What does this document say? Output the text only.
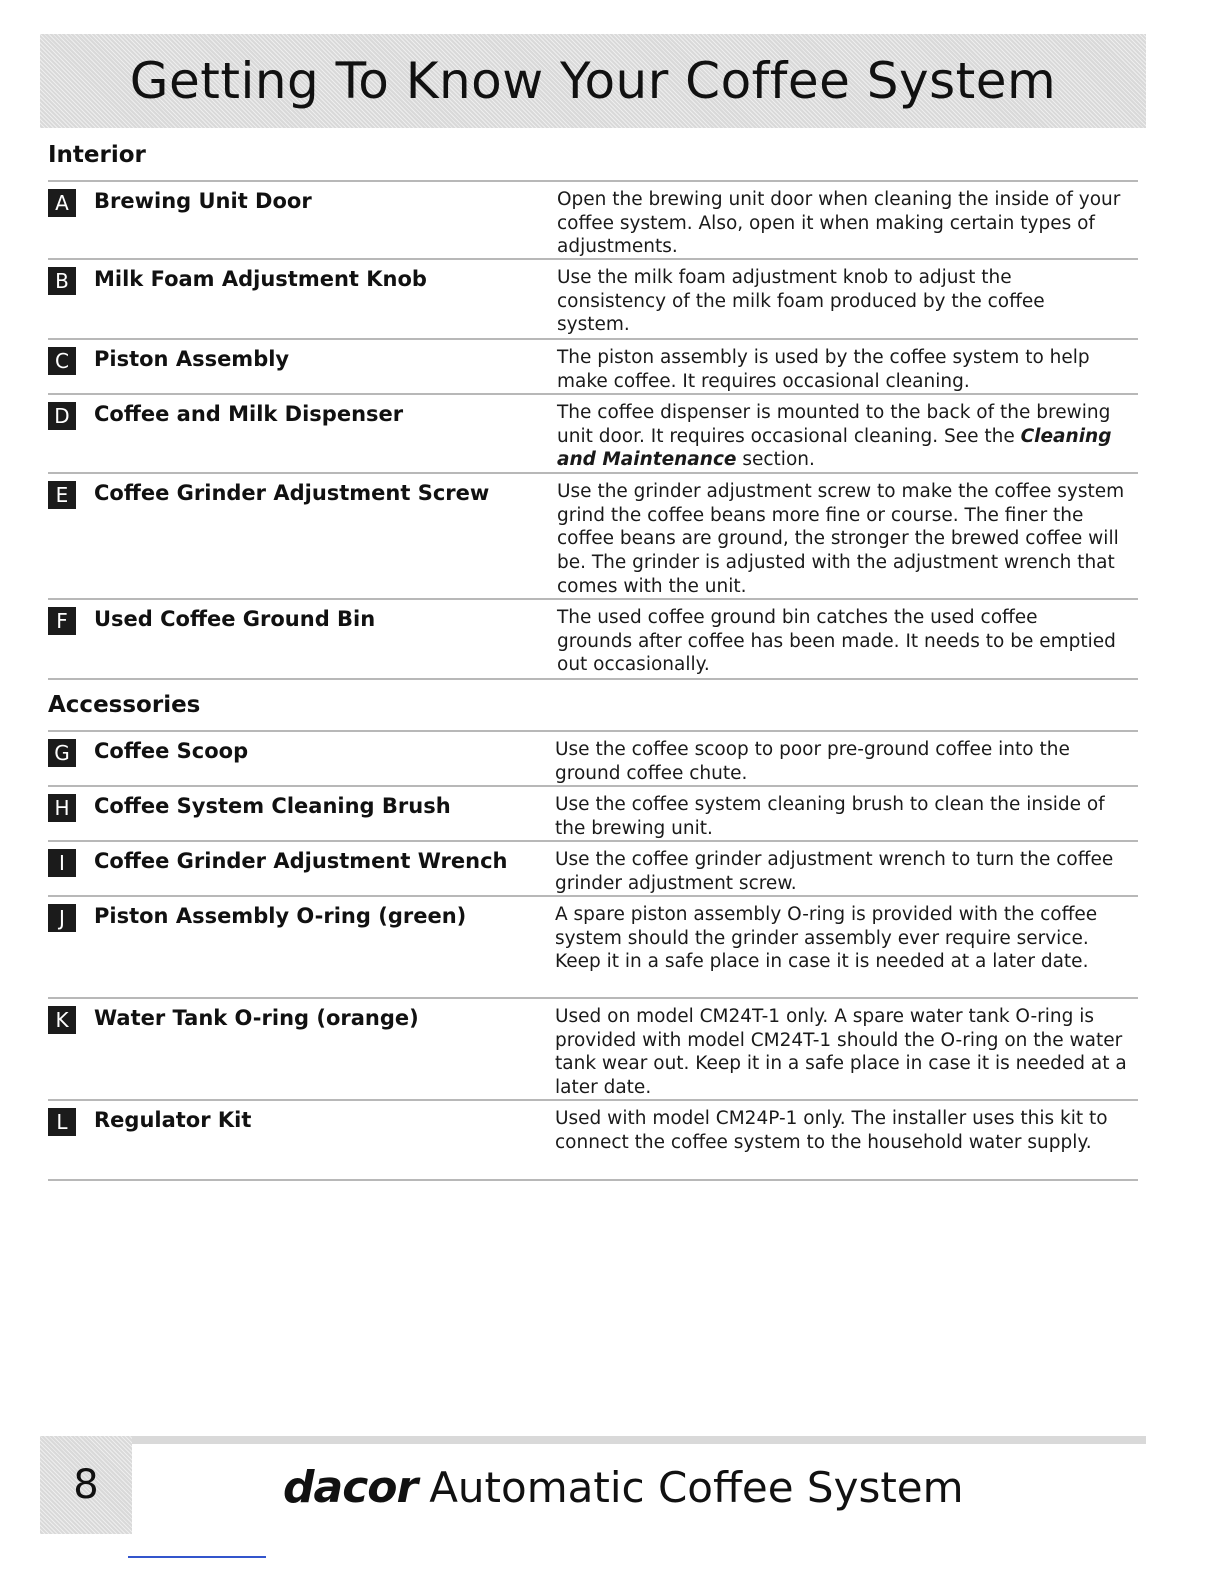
Getting To Know Your Coffee System
Interior
A	Brewing Unit Door	Open the brewing unit door when cleaning the inside of your coffee system. Also, open it when making certain types of adjustments.
B	Milk Foam Adjustment Knob	Use the milk foam adjustment knob to adjust the consistency of the milk foam produced by the coffee system.
C	Piston Assembly	The piston assembly is used by the coffee system to help make coffee. It requires occasional cleaning.
D Coffee and Milk Dispenser	The coffee dispenser is mounted to the back of the brewing unit door. It requires occasional cleaning. See the Cleaning and Maintenance section.
E	Coffee Grinder Adjustment Screw	Use the grinder adjustment screw to make the coffee system grind the coffee beans more fine or course. The finer the coffee beans are ground, the stronger the brewed coffee will be. The grinder is adjusted with the adjustment wrench that comes with the unit.
F	Used Coffee Ground Bin	The used coffee ground bin catches the used coffee grounds after coffee has been made. It needs to be emptied out occasionally.
Accessories
G Coffee Scoop	Use the coffee scoop to poor pre-ground coffee into the ground coffee chute.
H	Coffee System Cleaning Brush	Use the coffee system cleaning brush to clean the inside of the brewing unit.
I	Coffee Grinder Adjustment Wrench	Use the coffee grinder adjustment wrench to turn the coffee grinder adjustment screw.
J	Piston Assembly O-ring (green)	A spare piston assembly O-ring is provided with the coffee system should the grinder assembly ever require service. Keep it in a safe place in case it is needed at a later date.
K	Water Tank O-ring (orange)	Used on model CM24T-1 only. A spare water tank O-ring is provided with model CM24T-1 should the O-ring on the water tank wear out. Keep it in a safe place in case it is needed at a later date.
L	Regulator Kit	Used with model CM24P-1 only. The installer uses this kit to connect the coffee system to the household water supply.
8	dacor Automatic Coffee System
